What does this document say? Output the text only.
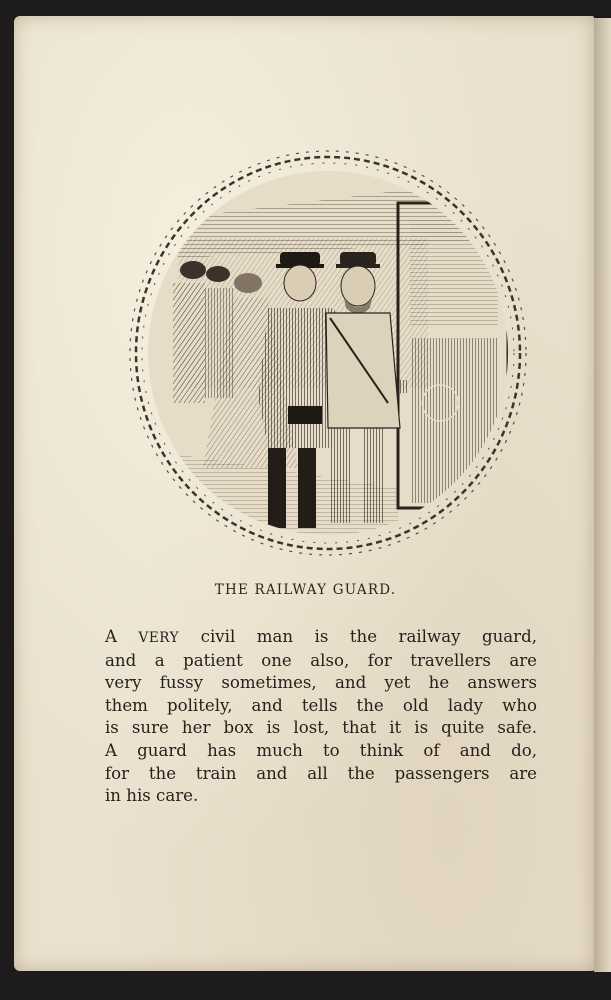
THE RAILWAY GUARD.
A VERY civil man is the railway guard,
and a patient one also, for travellers are
very fussy sometimes, and yet he answers
them politely, and tells the old lady who
is sure her box is lost, that it is quite safe.
A guard has much to think of and do,
for the train and all the passengers are
in his care.
